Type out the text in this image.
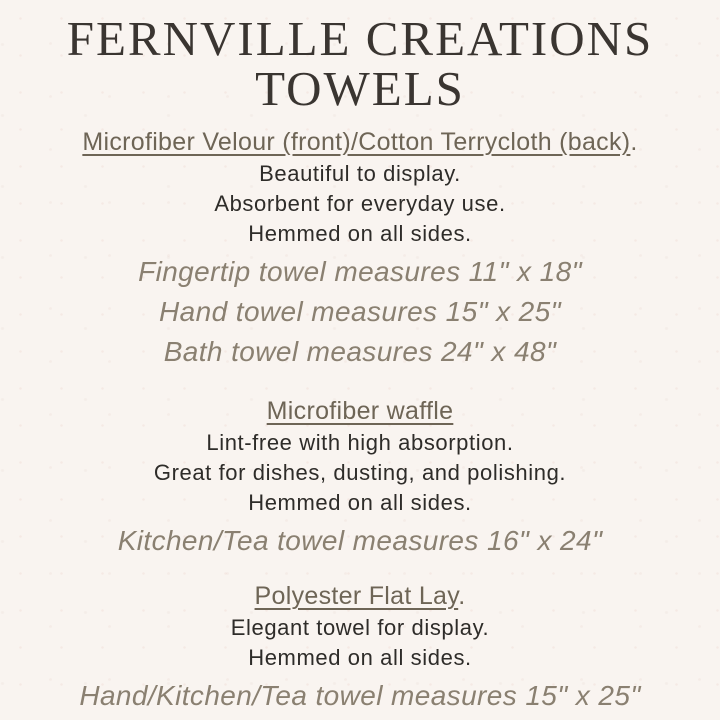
FERNVILLE CREATIONS
TOWELS
Microfiber Velour (front)/Cotton Terrycloth (back).
Beautiful to display.
Absorbent for everyday use.
Hemmed on all sides.
Fingertip towel measures 11" x 18"
Hand towel measures 15" x 25"
Bath towel measures 24" x 48"
Microfiber waffle
Lint-free with high absorption.
Great for dishes, dusting, and polishing.
Hemmed on all sides.
Kitchen/Tea towel measures 16" x 24"
Polyester Flat Lay.
Elegant towel for display.
Hemmed on all sides.
Hand/Kitchen/Tea towel measures 15" x 25"
